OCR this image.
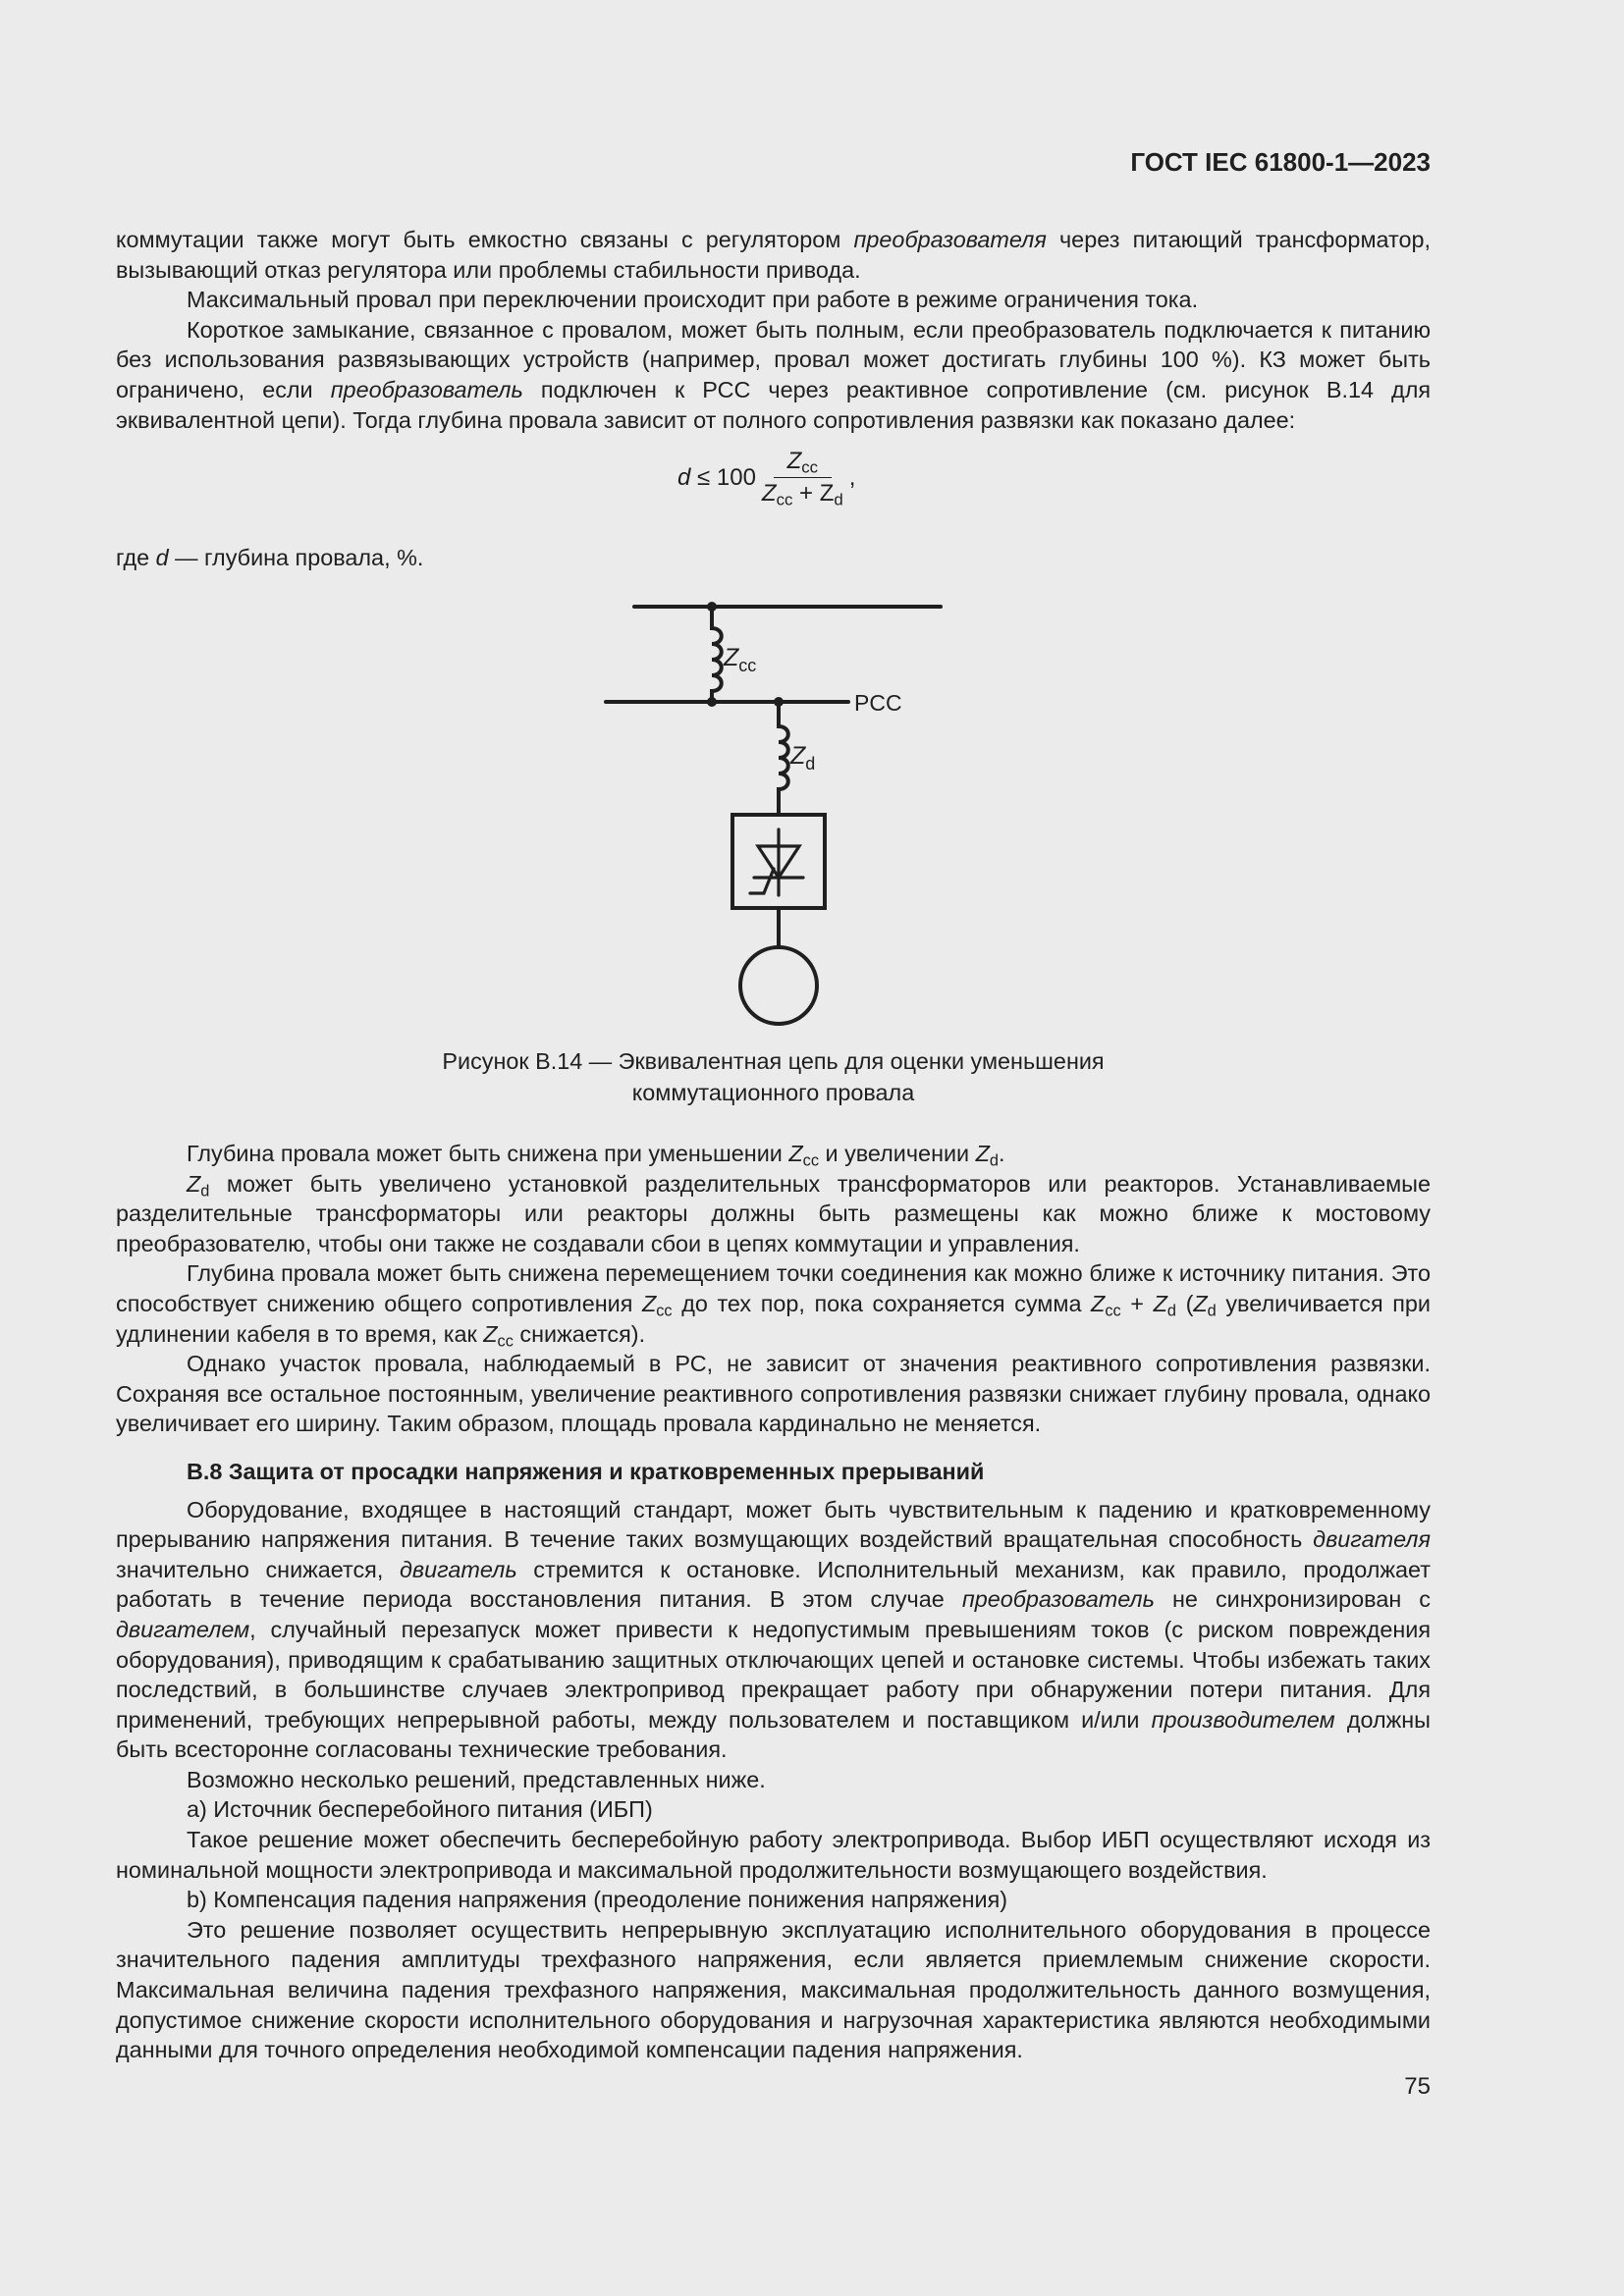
ГОСТ IEC 61800-1—2023

коммутации также могут быть емкостно связаны с регулятором преобразователя через питающий трансформатор, вызывающий отказ регулятора или проблемы стабильности привода.

Максимальный провал при переключении происходит при работе в режиме ограничения тока.

Короткое замыкание, связанное с провалом, может быть полным, если преобразователь подключается к питанию без использования развязывающих устройств (например, провал может достигать глубины 100 %). КЗ может быть ограничено, если преобразователь подключен к РСС через реактивное сопротивление (см. рисунок В.14 для эквивалентной цепи). Тогда глубина провала зависит от полного сопротивления развязки как показано далее:

d
≤ $100 \frac{Z_{cc}}{Z_{cc} + Z_d}$ ,
где d — глубина провала, %.
$Z_{cc}$
PCC
$Z_d$
Рисунок В.14 — Эквивалентная цепь для оценки уменьшения
коммутационного провала

Глубина провала может быть снижена при уменьшении $Z_{cc}$ и увеличении $Z_d$.

$Z_d$ может быть увеличено установкой разделительных трансформаторов или реакторов. Устанавливаемые разделительные трансформаторы или реакторы должны быть размещены как можно ближе к мостовому преобразователю, чтобы они также не создавали сбои в цепях коммутации и управления.

Глубина провала может быть снижена перемещением точки соединения как можно ближе к источнику питания. Это способствует снижению общего сопротивления $Z_{cc}$ до тех пор, пока сохраняется сумма $Z_{cc} + Z_d$ ($Z_d$ увеличивается при удлинении кабеля в то время, как $Z_{cc}$ снижается).

Однако участок провала, наблюдаемый в РС, не зависит от значения реактивного сопротивления развязки. Сохраняя все остальное постоянным, увеличение реактивного сопротивления развязки снижает глубину провала, однако увеличивает его ширину. Таким образом, площадь провала кардинально не меняется.

В.8 Защита от просадки напряжения и кратковременных прерываний

Оборудование, входящее в настоящий стандарт, может быть чувствительным к падению и кратковременному прерыванию напряжения питания. В течение таких возмущающих воздействий вращательная способность двигателя значительно снижается, двигатель стремится к остановке. Исполнительный механизм, как правило, продолжает работать в течение периода восстановления питания. В этом случае преобразователь не синхронизирован с двигателем, случайный перезапуск может привести к недопустимым превышениям токов (с риском повреждения оборудования), приводящим к срабатыванию защитных отключающих цепей и остановке системы. Чтобы избежать таких последствий, в большинстве случаев электропривод прекращает работу при обнаружении потери питания. Для применений, требующих непрерывной работы, между пользователем и поставщиком и/или производителем должны быть всесторонне согласованы технические требования.

Возможно несколько решений, представленных ниже.

a) Источник бесперебойного питания (ИБП)

Такое решение может обеспечить бесперебойную работу электропривода. Выбор ИБП осуществляют исходя из номинальной мощности электропривода и максимальной продолжительности возмущающего воздействия.

b) Компенсация падения напряжения (преодоление понижения напряжения)

Это решение позволяет осуществить непрерывную эксплуатацию исполнительного оборудования в процессе значительного падения амплитуды трехфазного напряжения, если является приемлемым снижение скорости. Максимальная величина падения трехфазного напряжения, максимальная продолжительность данного возмущения, допустимое снижение скорости исполнительного оборудования и нагрузочная характеристика являются необходимыми данными для точного определения необходимой компенсации падения напряжения.

75
